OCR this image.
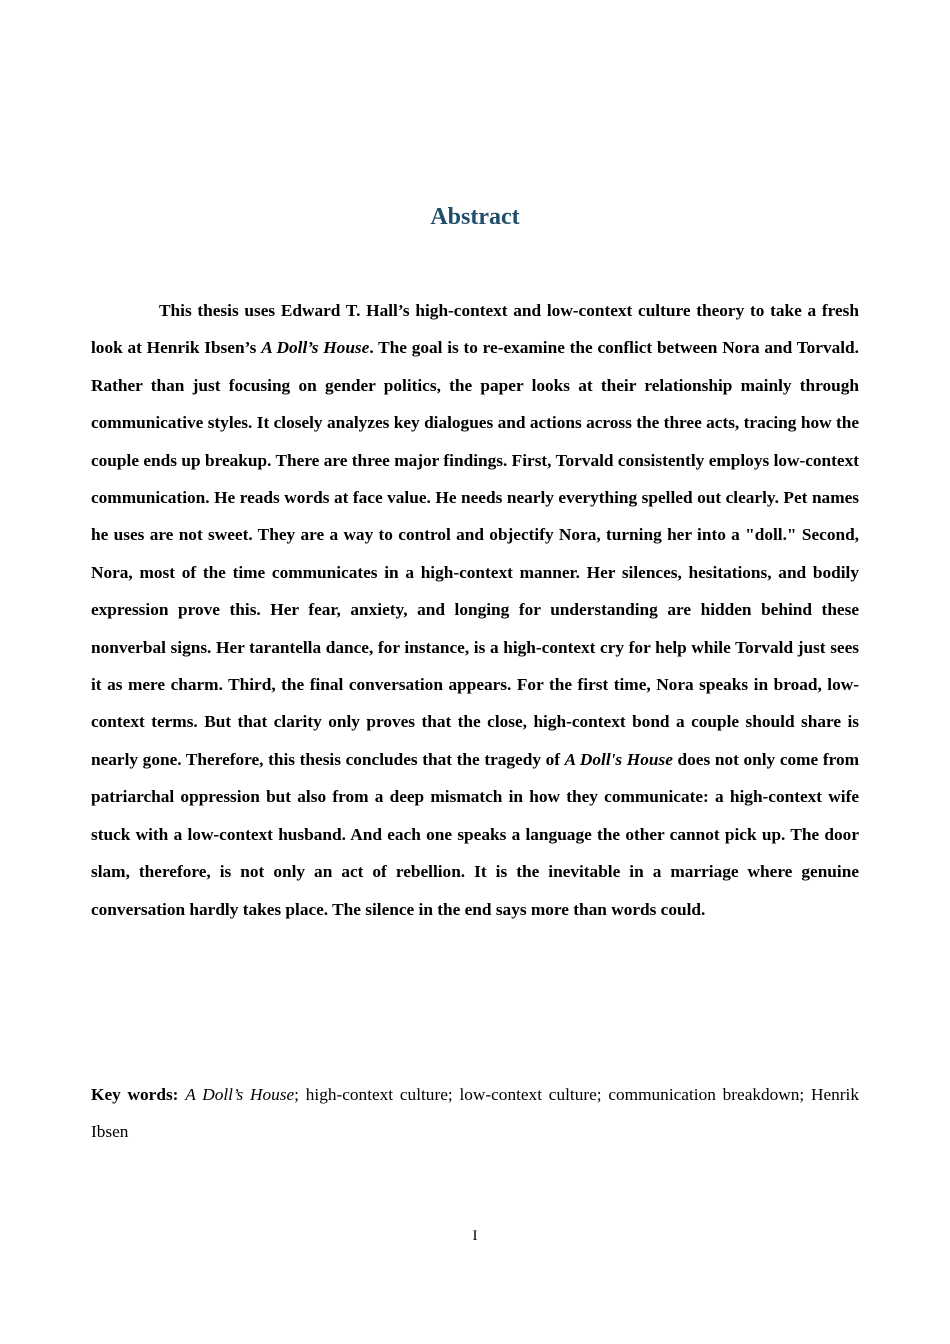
Abstract

This thesis uses Edward T. Hall’s high-context and low-context culture theory to take a fresh look at Henrik Ibsen’s A Doll’s House. The goal is to re-examine the conflict between Nora and Torvald. Rather than just focusing on gender politics, the paper looks at their relationship mainly through communicative styles. It closely analyzes key dialogues and actions across the three acts, tracing how the couple ends up breakup. There are three major findings. First, Torvald consistently employs low-context communication. He reads words at face value. He needs nearly everything spelled out clearly. Pet names he uses are not sweet. They are a way to control and objectify Nora, turning her into a "doll." Second, Nora, most of the time communicates in a high-context manner. Her silences, hesitations, and bodily expression prove this. Her fear, anxiety, and longing for understanding are hidden behind these nonverbal signs. Her tarantella dance, for instance, is a high-context cry for help while Torvald just sees it as mere charm. Third, the final conversation appears. For the first time, Nora speaks in broad, low-context terms. But that clarity only proves that the close, high-context bond a couple should share is nearly gone. Therefore, this thesis concludes that the tragedy of A Doll's House does not only come from patriarchal oppression but also from a deep mismatch in how they communicate: a high-context wife stuck with a low-context husband. And each one speaks a language the other cannot pick up. The door slam, therefore, is not only an act of rebellion. It is the inevitable in a marriage where genuine conversation hardly takes place. The silence in the end says more than words could.

Key words: A Doll’s House; high-context culture; low-context culture; communication breakdown; Henrik Ibsen

I
